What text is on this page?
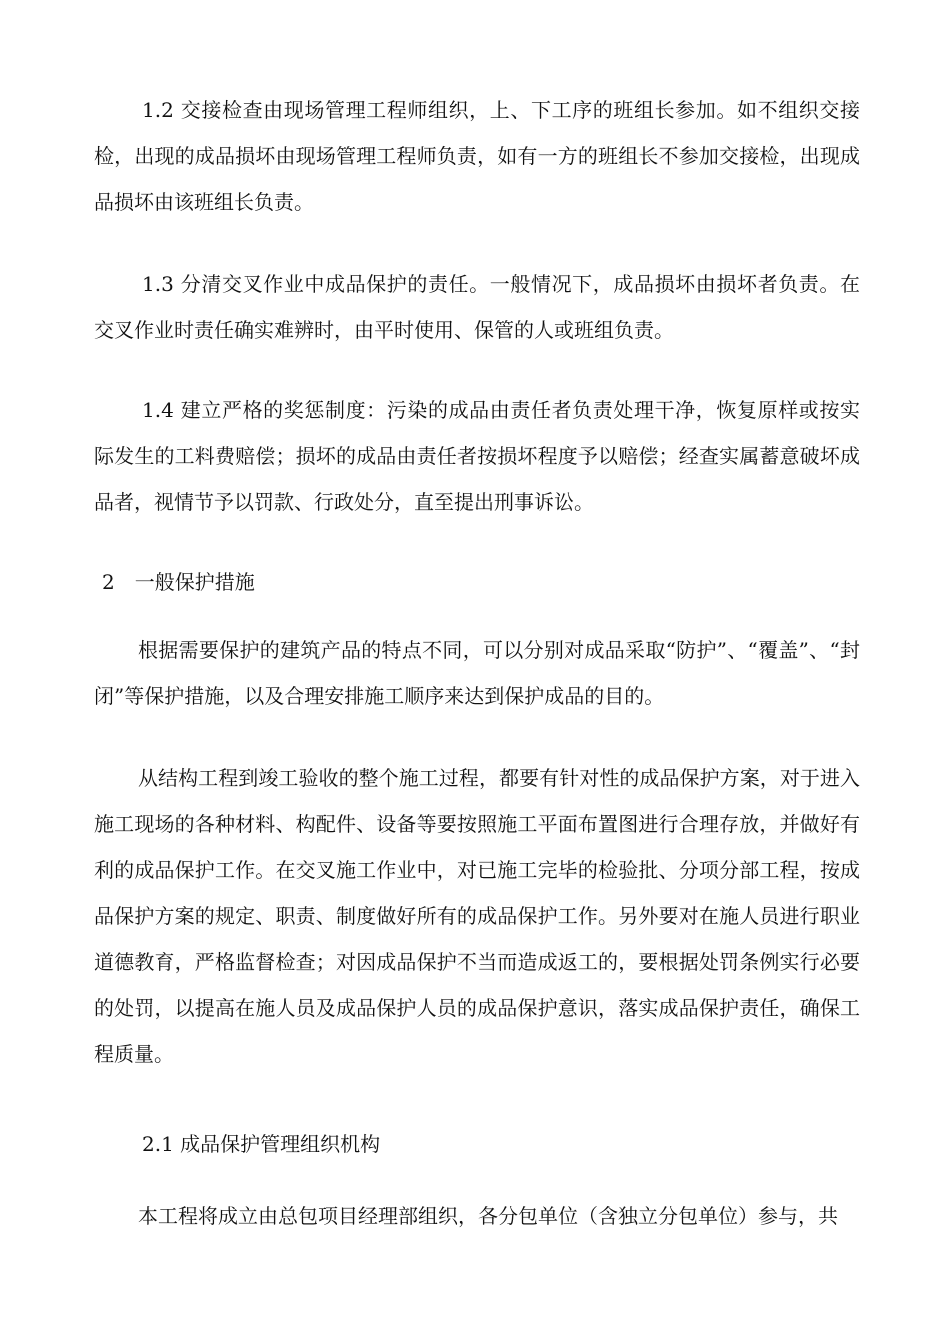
1.2 交接检查由现场管理工程师组织，上、下工序的班组长参加。如不组织交接检，出现的成品损坏由现场管理工程师负责，如有一方的班组长不参加交接检，出现成品损坏由该班组长负责。

1.3 分清交叉作业中成品保护的责任。一般情况下，成品损坏由损坏者负责。在交叉作业时责任确实难辨时，由平时使用、保管的人或班组负责。

1.4 建立严格的奖惩制度：污染的成品由责任者负责处理干净，恢复原样或按实际发生的工料费赔偿；损坏的成品由责任者按损坏程度予以赔偿；经查实属蓄意破坏成品者，视情节予以罚款、行政处分，直至提出刑事诉讼。

2　一般保护措施

根据需要保护的建筑产品的特点不同，可以分别对成品采取“防护”、“覆盖”、“封闭”等保护措施，以及合理安排施工顺序来达到保护成品的目的。

从结构工程到竣工验收的整个施工过程，都要有针对性的成品保护方案，对于进入施工现场的各种材料、构配件、设备等要按照施工平面布置图进行合理存放，并做好有利的成品保护工作。在交叉施工作业中，对已施工完毕的检验批、分项分部工程，按成品保护方案的规定、职责、制度做好所有的成品保护工作。另外要对在施人员进行职业道德教育，严格监督检查；对因成品保护不当而造成返工的，要根据处罚条例实行必要的处罚，以提高在施人员及成品保护人员的成品保护意识，落实成品保护责任，确保工程质量。

2.1 成品保护管理组织机构

本工程将成立由总包项目经理部组织，各分包单位（含独立分包单位）参与，共
